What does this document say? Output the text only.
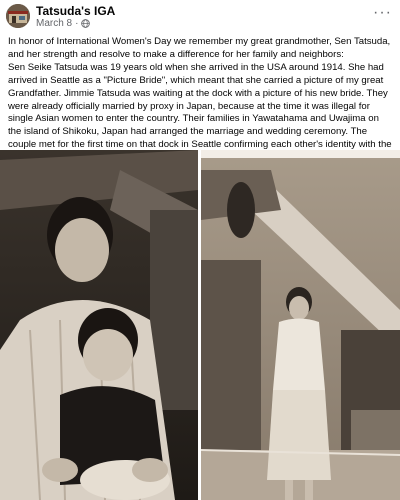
Tatsuda's IGA
March 8 ·
···

In honor of International Women's Day we remember my great grandmother, Sen Tatsuda, and her strength and resolve to make a difference for her family and neighbors:

Sen Seike Tatsuda was 19 years old when she arrived in the USA around 1914. She had arrived in Seattle as a "Picture Bride", which meant that she carried a picture of my great Grandfather. Jimmie Tatsuda was waiting at the dock with a picture of his new bride. They were already officially married by proxy in Japan, because at the time it was illegal for single Asian women to enter the country. Their families in Yawatahama and Uwajima on the island of Shikoku, Japan had arranged the marriage and wedding ceremony. The couple met for the first time on that dock in Seattle confirming each other's identity with the
